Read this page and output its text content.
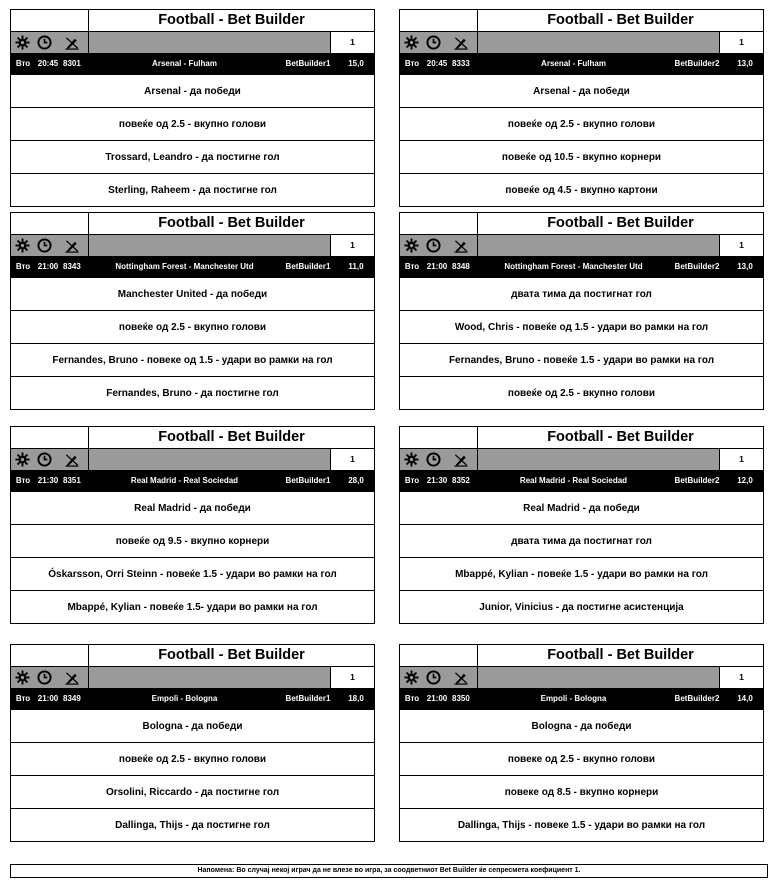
Football - Bet Builder
1
Вто 20:45 8301	Arsenal - Fulham	BetBuilder1	15,0
Arsenal - да победи
повеќе од 2.5 - вкупно голови
Trossard, Leandro - да постигне гол
Sterling, Raheem - да постигне гол
Football - Bet Builder
1
Вто 20:45 8333	Arsenal - Fulham	BetBuilder2	13,0
Arsenal - да победи
повеќе од 2.5 - вкупно голови
повеќе од 10.5 - вкупно корнери
повеќе од 4.5 - вкупно картони
Football - Bet Builder
1
Вто 21:00 8343	Nottingham Forest - Manchester Utd	BetBuilder1	11,0
Manchester United - да победи
повеќе од 2.5 - вкупно голови
Fernandes, Bruno - повеке од 1.5 - удари во рамки на гол
Fernandes, Bruno - да постигне гол
Football - Bet Builder
1
Вто 21:00 8348	Nottingham Forest - Manchester Utd	BetBuilder2	13,0
двата тима да постигнат гол
Wood, Chris - повеќе од 1.5 - удари во рамки на гол
Fernandes, Bruno - повеќе 1.5 - удари во рамки на гол
повеќе од 2.5 - вкупно голови
Football - Bet Builder
1
Вто 21:30 8351	Real Madrid - Real Sociedad	BetBuilder1	28,0
Real Madrid - да победи
повеќе од 9.5 - вкупно корнери
Óskarsson, Orri Steinn - повеќе 1.5 - удари во рамки на гол
Mbappé, Kylian - повеќе 1.5- удари во рамки на гол
Football - Bet Builder
1
Вто 21:30 8352	Real Madrid - Real Sociedad	BetBuilder2	12,0
Real Madrid - да победи
двата тима да постигнат гол
Mbappé, Kylian - повеќе 1.5 - удари во рамки на гол
Junior, Vinicius - да постигне асистенција
Football - Bet Builder
1
Вто 21:00 8349	Empoli - Bologna	BetBuilder1	18,0
Bologna - да победи
повеќе од 2.5 - вкупно голови
Orsolini, Riccardo - да постигне гол
Dallinga, Thijs - да постигне гол
Football - Bet Builder
1
Вто 21:00 8350	Empoli - Bologna	BetBuilder2	14,0
Bologna - да победи
повеке од 2.5 - вкупно голови
повеке од 8.5 - вкупно корнери
Dallinga, Thijs - повеке 1.5 - удари во рамки на гол
Напомена: Во случај некој играч да не влезе во игра, за соодветниот Bet Builder ќе сепресмета коефициент 1.
